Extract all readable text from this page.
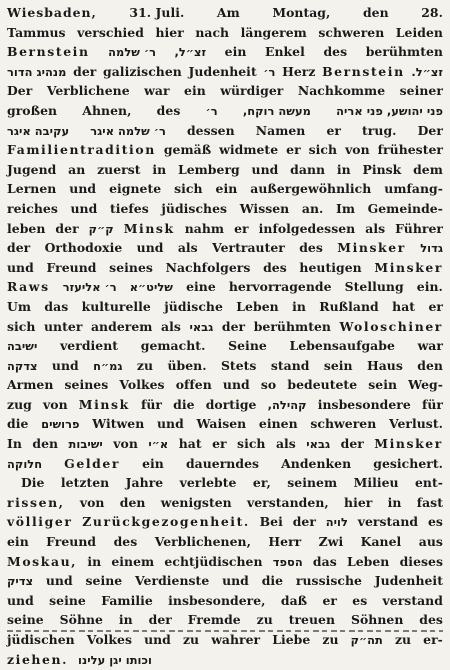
Wiesbaden,	31. Juli.	Am	Montag,	den	28.
Tammus verschied hier nach längerem schweren Leiden
Bernstein ר׳ שלמה זצ״ל, ein Enkel des berühmten
מנהיג הדור der galizischen Judenheit ר׳ Herz Bernstein זצ״ל.
Der Verblichene war ein würdiger Nachkomme seiner
großen Ahnen, des ר׳ מעשה רוקח, פני יהושע, פני אריה
עקיבה איגר ר׳ שלמה איגר dessen Namen er trug. Der
Familientradition gemäß widmete er sich von frühester
Jugend an zuerst in Lemberg und dann in Pinsk dem
Lernen und eignete sich ein außergewöhnlich umfang-
reiches und tiefes jüdisches Wissen an. Im Gemeinde-
leben der ק״ק Minsk nahm er infolgedessen als Führer
der Orthodoxie und als Vertrauter des Minsker גדול
und Freund seines Nachfolgers des heutigen Minsker
Raws ר׳ אליעזר שליט״א eine hervorragende Stellung ein.
Um das kulturelle jüdische Leben in Rußland hat er
sich unter anderem als גבאי der berühmten Woloschiner
ישיבה verdient gemacht. Seine Lebensaufgabe war
צדקה und גמ״ח zu üben. Stets stand sein Haus den
Armen seines Volkes offen und so bedeutete sein Weg-
zug von Minsk für die dortige קהילה, insbesondere für
die פרושים Witwen und Waisen einen schweren Verlust.
In den ישיבות von א״י hat er sich als גבאי der Minsker
חלוקה Gelder ein dauerndes Andenken gesichert.
Die letzten Jahre verlebte er, seinem Milieu ent-
rissen, von den wenigsten verstanden, hier in fast
völliger Zurückgezogenheit. Bei der לויה verstand es
ein Freund des Verblichenen, Herr Zwi Kanel aus
Moskau, in einem echtjüdischen הספד das Leben dieses
צדיק und seine Verdienste und die russische Judenheit
und seine Familie insbesondere, daß er es verstand
seine Söhne in der Fremde zu treuen Söhnen des
jüdischen Volkes und zu wahrer Liebe zu תה״ק zu er-
ziehen. וכותו יגן עלינו
